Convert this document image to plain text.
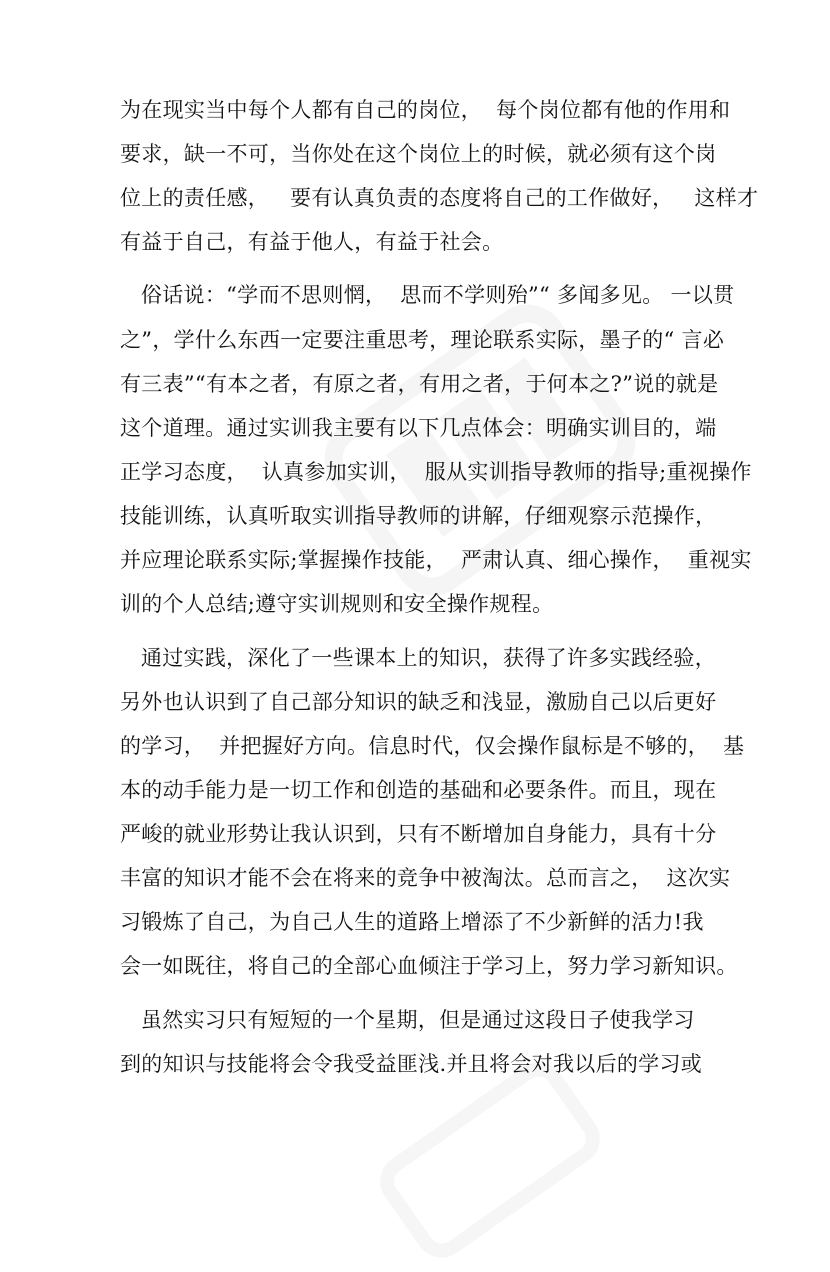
为在现实当中每个人都有自己的岗位，  每个岗位都有他的作用和
要求，缺一不可，当你处在这个岗位上的时候，就必须有这个岗
位上的责任感，   要有认真负责的态度将自己的工作做好，   这样才
有益于自己，有益于他人，有益于社会。
俗话说：“学而不思则惘，  思而不学则殆”“ 多闻多见。 一以贯
之”，学什么东西一定要注重思考，理论联系实际，墨子的“ 言必
有三表”“有本之者，有原之者，有用之者，于何本之?”说的就是
这个道理。通过实训我主要有以下几点体会：明确实训目的，端
正学习态度，  认真参加实训，  服从实训指导教师的指导;重视操作
技能训练，认真听取实训指导教师的讲解，仔细观察示范操作，
并应理论联系实际;掌握操作技能，  严肃认真、细心操作，  重视实
训的个人总结;遵守实训规则和安全操作规程。
通过实践，深化了一些课本上的知识，获得了许多实践经验，
另外也认识到了自己部分知识的缺乏和浅显，激励自己以后更好
的学习，  并把握好方向。信息时代，仅会操作鼠标是不够的，  基
本的动手能力是一切工作和创造的基础和必要条件。而且，现在
严峻的就业形势让我认识到，只有不断增加自身能力，具有十分
丰富的知识才能不会在将来的竞争中被淘汰。总而言之，  这次实
习锻炼了自己，为自己人生的道路上增添了不少新鲜的活力!我
会一如既往，将自己的全部心血倾注于学习上，努力学习新知识。
虽然实习只有短短的一个星期，但是通过这段日子使我学习
到的知识与技能将会令我受益匪浅.并且将会对我以后的学习或
